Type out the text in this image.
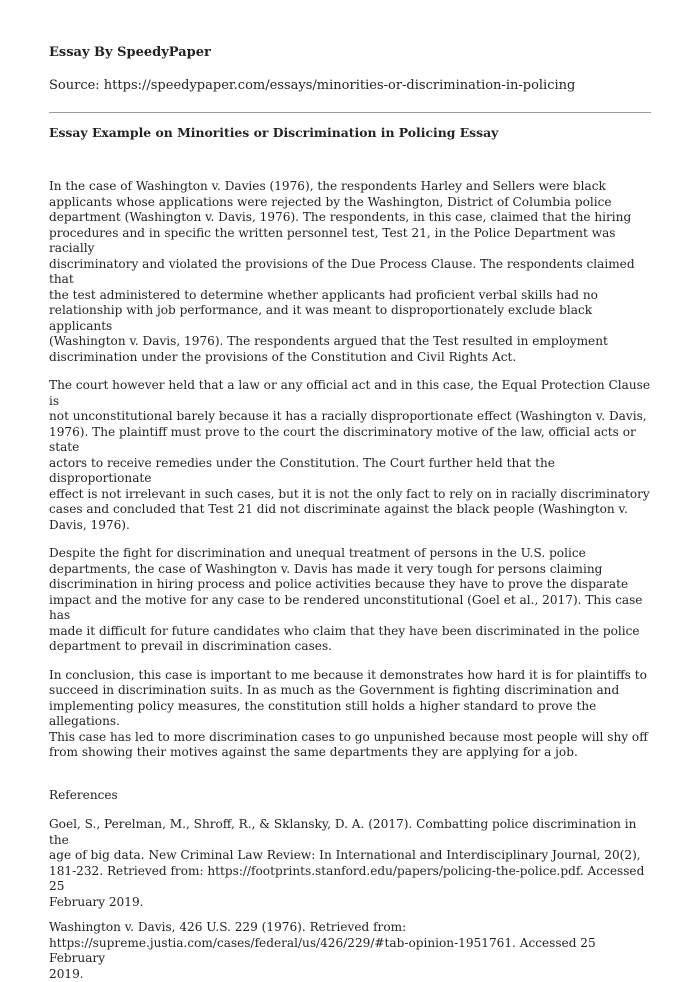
Essay By SpeedyPaper
Source: https://speedypaper.com/essays/minorities-or-discrimination-in-policing
Essay Example on Minorities or Discrimination in Policing Essay

In the case of Washington v. Davies (1976), the respondents Harley and Sellers were black
applicants whose applications were rejected by the Washington, District of Columbia police
department (Washington v. Davis, 1976). The respondents, in this case, claimed that the hiring
procedures and in specific the written personnel test, Test 21, in the Police Department was racially
discriminatory and violated the provisions of the Due Process Clause. The respondents claimed that
the test administered to determine whether applicants had proficient verbal skills had no
relationship with job performance, and it was meant to disproportionately exclude black applicants
(Washington v. Davis, 1976). The respondents argued that the Test resulted in employment
discrimination under the provisions of the Constitution and Civil Rights Act.

The court however held that a law or any official act and in this case, the Equal Protection Clause is
not unconstitutional barely because it has a racially disproportionate effect (Washington v. Davis,
1976). The plaintiff must prove to the court the discriminatory motive of the law, official acts or state
actors to receive remedies under the Constitution. The Court further held that the disproportionate
effect is not irrelevant in such cases, but it is not the only fact to rely on in racially discriminatory
cases and concluded that Test 21 did not discriminate against the black people (Washington v.
Davis, 1976).

Despite the fight for discrimination and unequal treatment of persons in the U.S. police
departments, the case of Washington v. Davis has made it very tough for persons claiming
discrimination in hiring process and police activities because they have to prove the disparate
impact and the motive for any case to be rendered unconstitutional (Goel et al., 2017). This case has
made it difficult for future candidates who claim that they have been discriminated in the police
department to prevail in discrimination cases.

In conclusion, this case is important to me because it demonstrates how hard it is for plaintiffs to
succeed in discrimination suits. In as much as the Government is fighting discrimination and
implementing policy measures, the constitution still holds a higher standard to prove the allegations.
This case has led to more discrimination cases to go unpunished because most people will shy off
from showing their motives against the same departments they are applying for a job.

References

Goel, S., Perelman, M., Shroff, R., & Sklansky, D. A. (2017). Combatting police discrimination in the
age of big data. New Criminal Law Review: In International and Interdisciplinary Journal, 20(2),
181-232. Retrieved from: https://footprints.stanford.edu/papers/policing-the-police.pdf. Accessed 25
February 2019.

Washington v. Davis, 426 U.S. 229 (1976). Retrieved from:
https://supreme.justia.com/cases/federal/us/426/229/#tab-opinion-1951761. Accessed 25 February
2019.
